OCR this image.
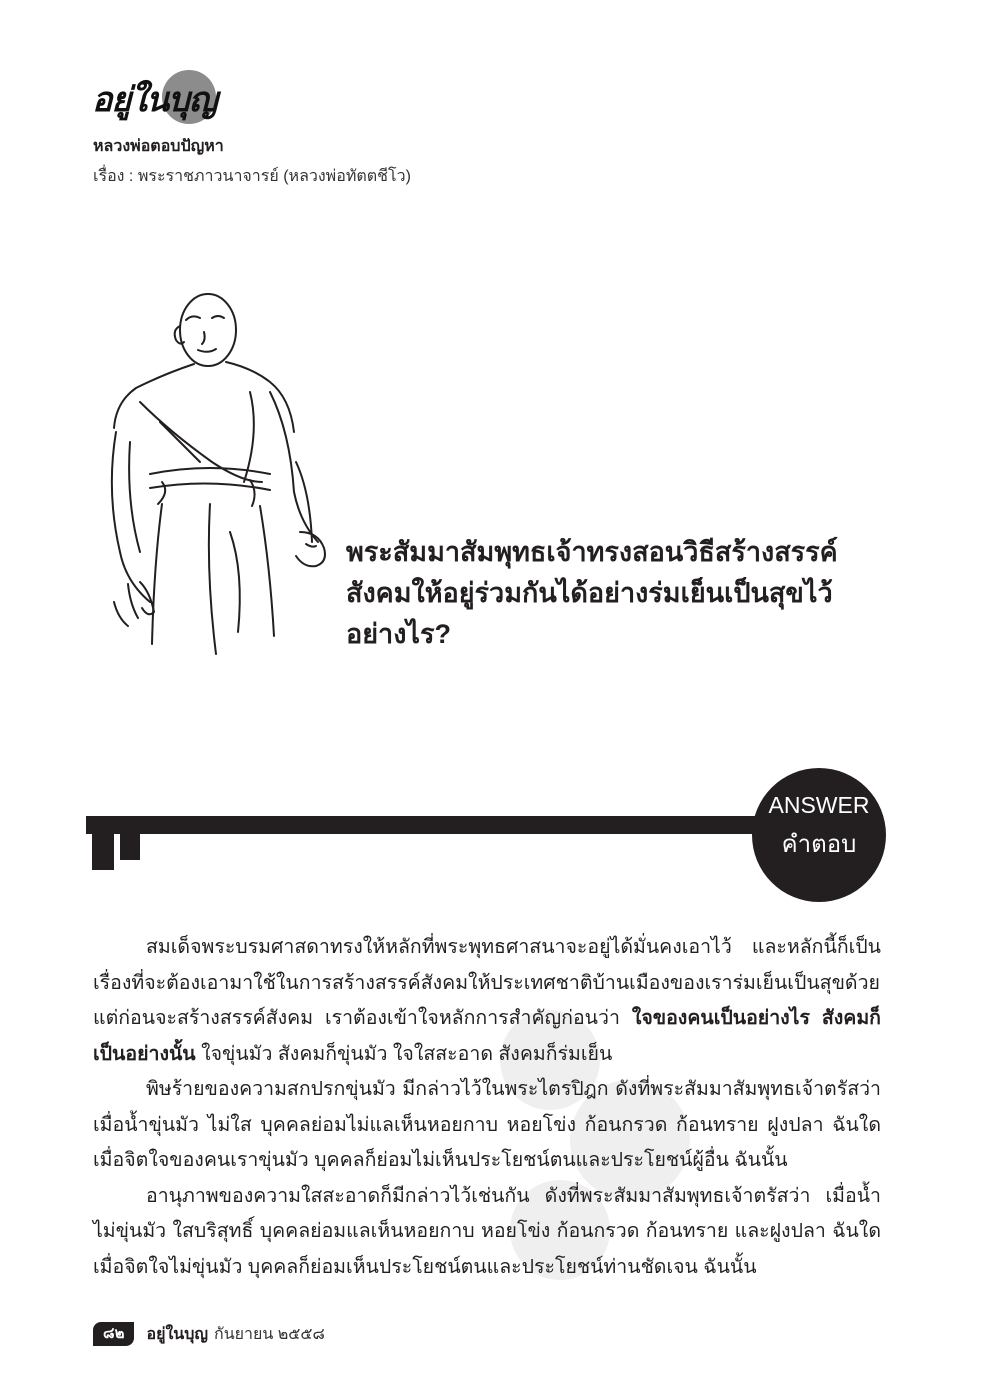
อยู่ในบุญ
หลวงพ่อตอบปัญหา
เรื่อง : พระราชภาวนาจารย์ (หลวงพ่อทัตตชีโว)
พระสัมมาสัมพุทธเจ้าทรงสอนวิธีสร้างสรรค์
สังคมให้อยู่ร่วมกันได้อย่างร่มเย็นเป็นสุขไว้
อย่างไร?
ANSWER
คำตอบ

สมเด็จพระบรมศาสดาทรงให้หลักที่พระพุทธศาสนาจะอยู่ได้มั่นคงเอาไว้ และหลักนี้ก็เป็นเรื่องที่จะต้องเอามาใช้ในการสร้างสรรค์สังคมให้ประเทศชาติบ้านเมืองของเราร่มเย็นเป็นสุขด้วย แต่ก่อนจะสร้างสรรค์สังคม เราต้องเข้าใจหลักการสำคัญก่อนว่า ใจของคนเป็นอย่างไร สังคมก็เป็นอย่างนั้น ใจขุ่นมัว สังคมก็ขุ่นมัว ใจใสสะอาด สังคมก็ร่มเย็น

พิษร้ายของความสกปรกขุ่นมัว มีกล่าวไว้ในพระไตรปิฎก ดังที่พระสัมมาสัมพุทธเจ้าตรัสว่า เมื่อน้ำขุ่นมัว ไม่ใส บุคคลย่อมไม่แลเห็นหอยกาบ หอยโข่ง ก้อนกรวด ก้อนทราย ฝูงปลา ฉันใด เมื่อจิตใจของคนเราขุ่นมัว บุคคลก็ย่อมไม่เห็นประโยชน์ตนและประโยชน์ผู้อื่น ฉันนั้น

อานุภาพของความใสสะอาดก็มีกล่าวไว้เช่นกัน ดังที่พระสัมมาสัมพุทธเจ้าตรัสว่า เมื่อน้ำไม่ขุ่นมัว ใสบริสุทธิ์ บุคคลย่อมแลเห็นหอยกาบ หอยโข่ง ก้อนกรวด ก้อนทราย และฝูงปลา ฉันใด เมื่อจิตใจไม่ขุ่นมัว บุคคลก็ย่อมเห็นประโยชน์ตนและประโยชน์ท่านชัดเจน ฉันนั้น

๘๒	อยู่ในบุญ กันยายน ๒๕๕๘
